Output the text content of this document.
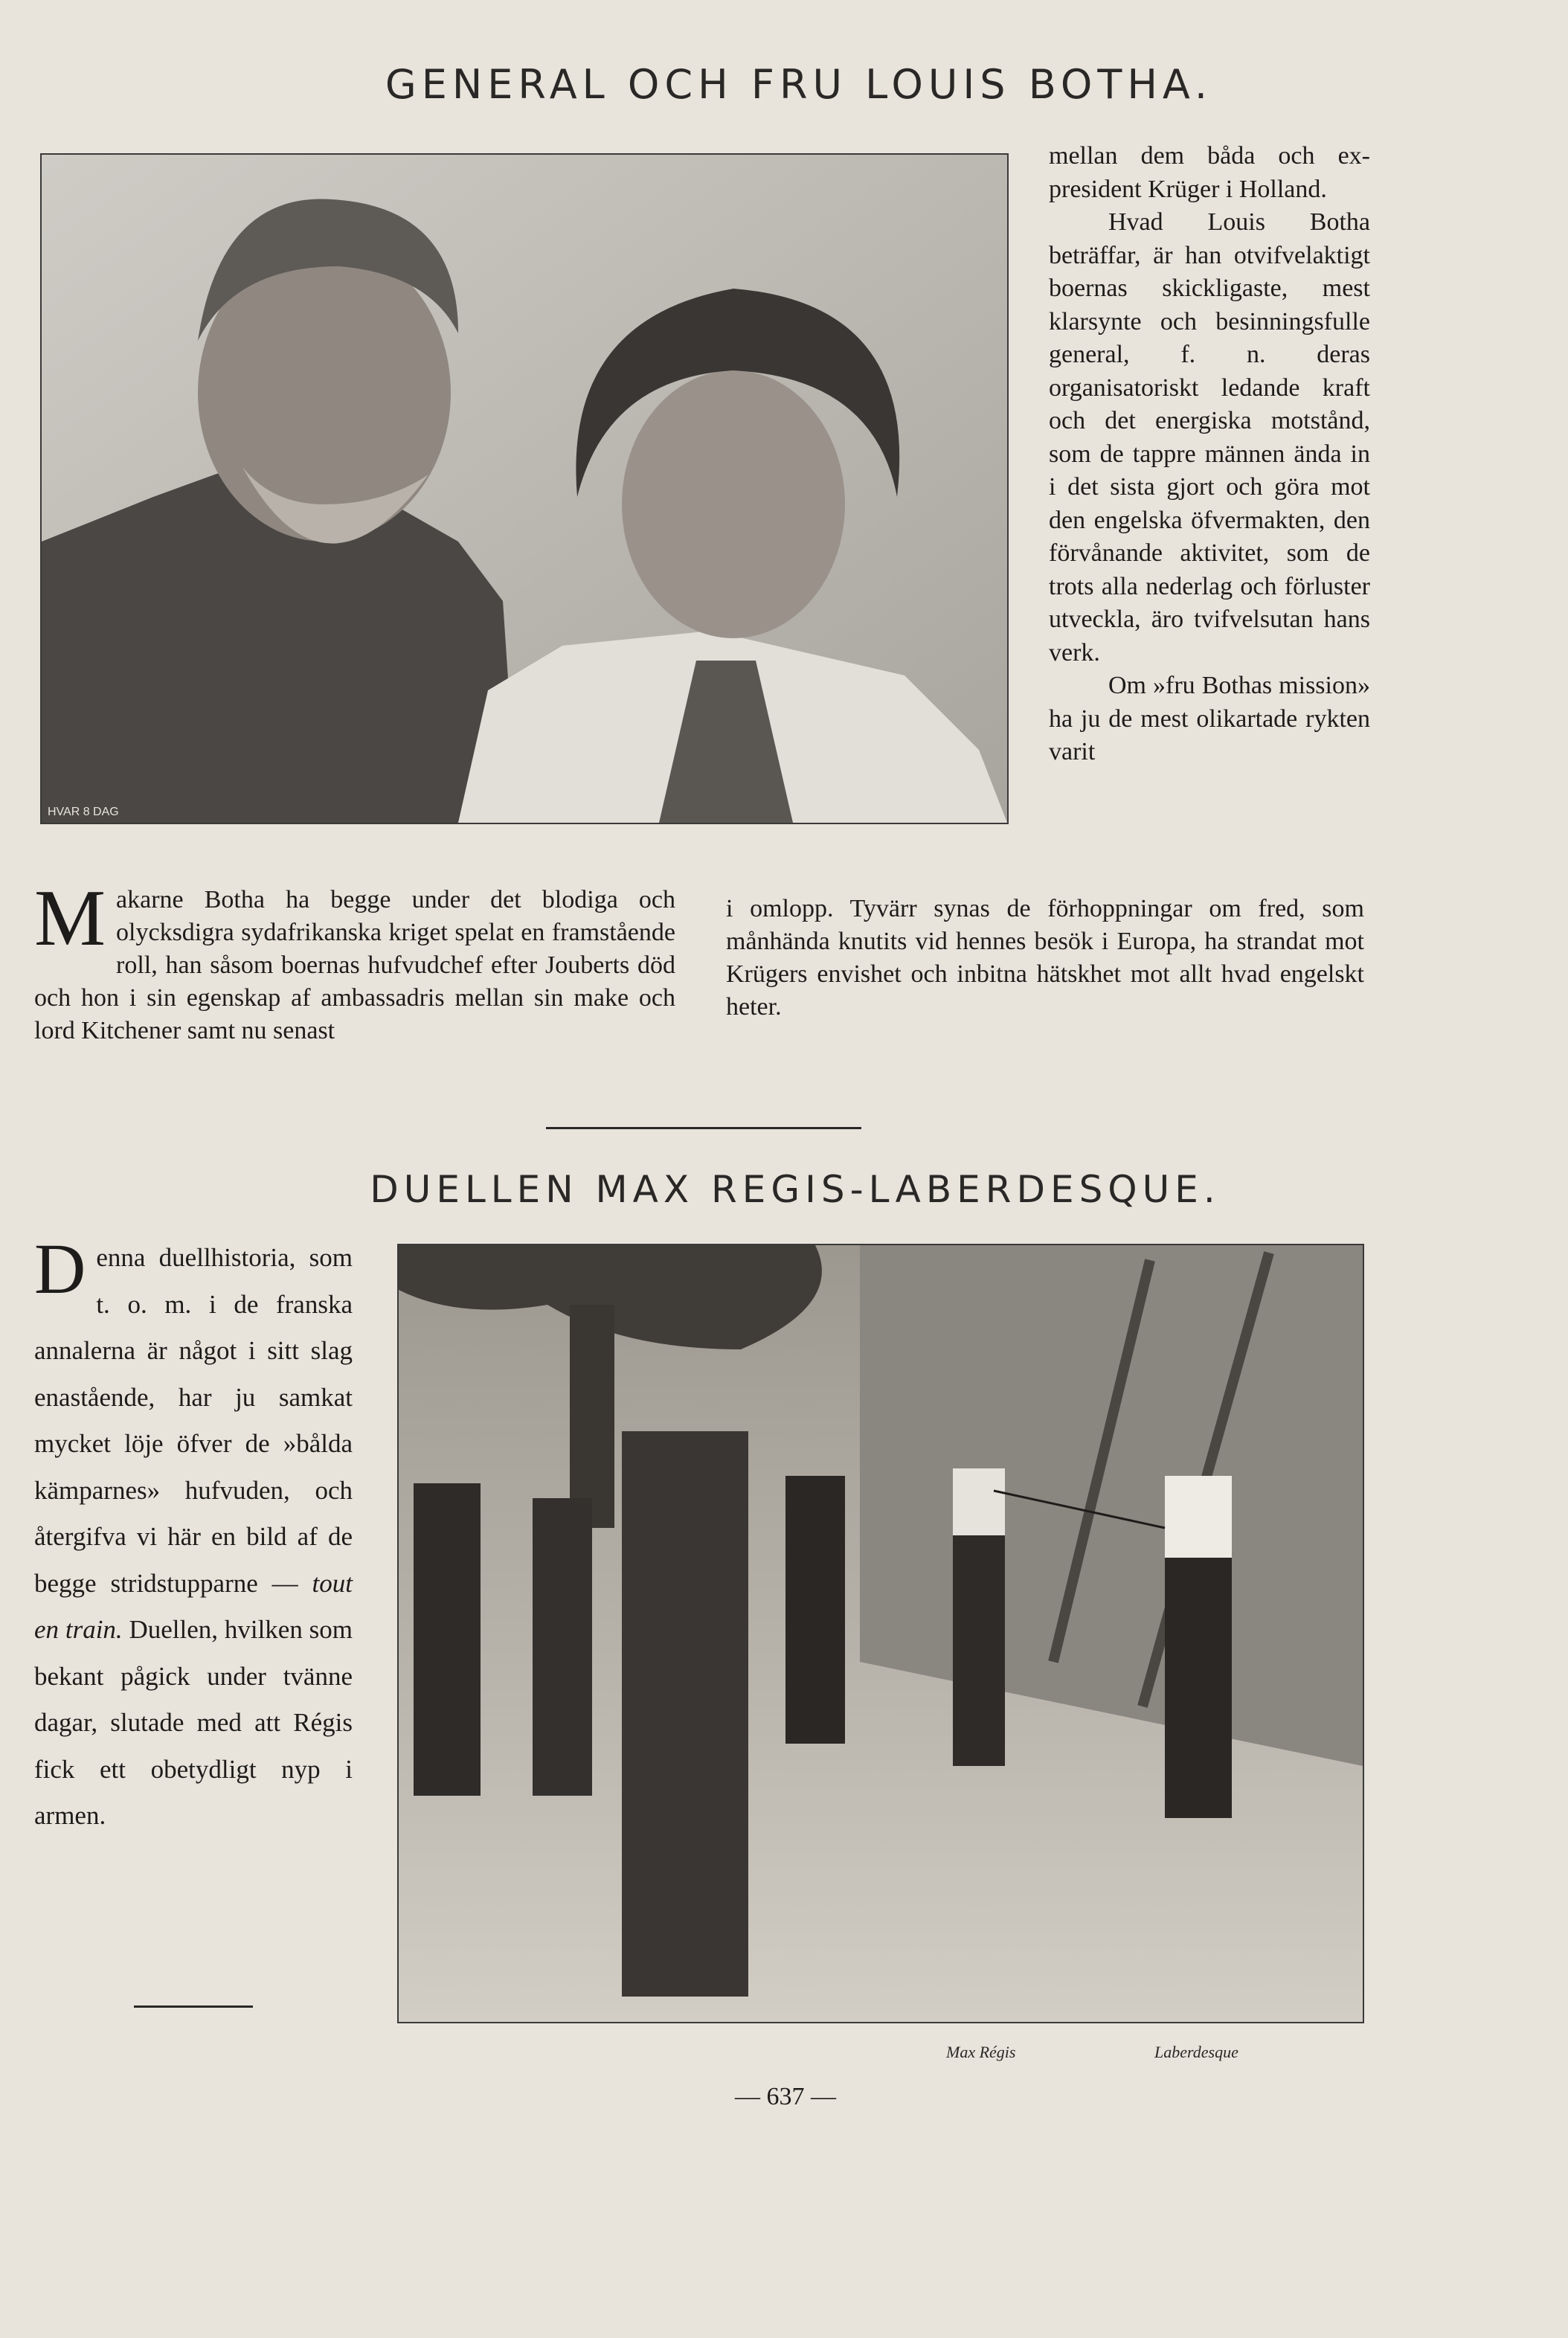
GENERAL OCH FRU LOUIS BOTHA.
HVAR 8 DAG

mellan dem båda och ex-president Krüger i Holland.

Hvad Louis Botha beträffar, är han otvifvelaktigt boernas skickligaste, mest klarsynte och besinningsfulle general, f. n. deras organisatoriskt ledande kraft och det energiska motstånd, som de tappre männen ända in i det sista gjort och göra mot den engelska öfvermakten, den förvånande aktivitet, som de trots alla nederlag och förluster utveckla, äro tvifvelsutan hans verk.

Om »fru Bothas mission» ha ju de mest olikartade rykten varit

M akarne Botha ha begge under det blodiga och olycksdigra sydafrikanska kriget spelat en framstående roll, han såsom boernas hufvudchef efter Jouberts död och hon i sin egenskap af ambassadris mellan sin make och lord Kitchener samt nu senast

i omlopp. Tyvärr synas de förhoppningar om fred, som månhända knutits vid hennes besök i Europa, ha strandat mot Krügers envishet och inbitna hätskhet mot allt hvad engelskt heter.

DUELLEN MAX REGIS-LABERDESQUE.
D enna duellhistoria, som t. o. m. i de franska annalerna är något i sitt slag enastående, har ju samkat mycket löje öfver de »bålda kämparnes» hufvuden, och återgifva vi här en bild af de begge stridstupparne — tout en train. Duellen, hvilken som bekant pågick under tvänne dagar, slutade med att Régis fick ett obetydligt nyp i armen.
Max Régis	Laberdesque
— 637 —
